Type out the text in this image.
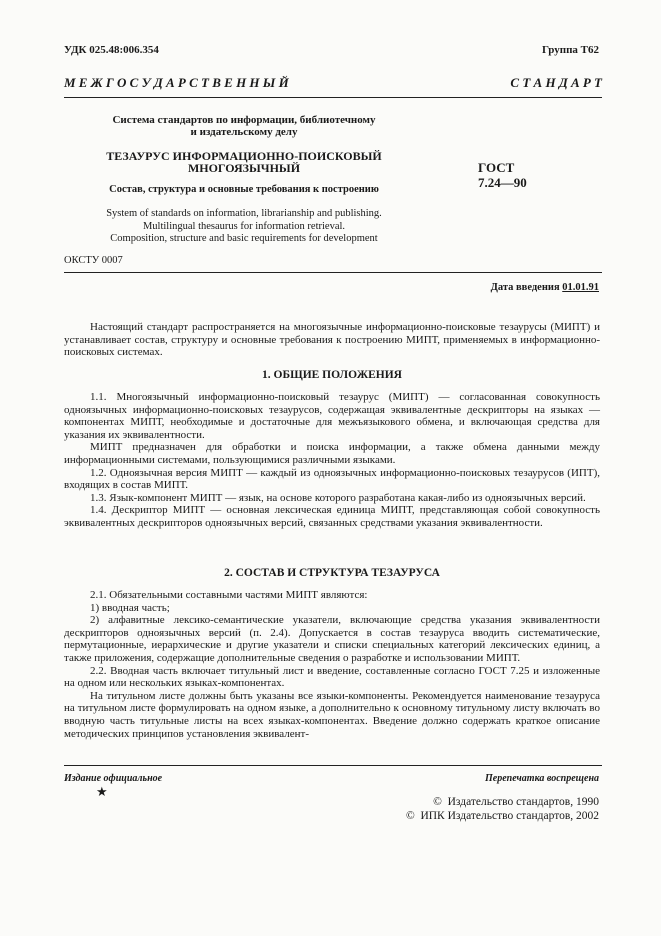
УДК 025.48:006.354	Группа Т62
М Е Ж Г О С У Д А Р С Т В Е Н Н Ы Й	С Т А Н Д А Р Т
Система стандартов по информации, библиотечному
и издательскому делу
ТЕЗАУРУС ИНФОРМАЦИОННО-ПОИСКОВЫЙ
МНОГОЯЗЫЧНЫЙ
Состав, структура и основные требования к построению
System of standards on information, librarianship and publishing.
Multilingual thesaurus for information retrieval.
Composition, structure and basic requirements for development
ГОСТ
7.24—90
ОКСТУ 0007
Дата введения 01.01.91

Настоящий стандарт распространяется на многоязычные информационно-поисковые тезаурусы (МИПТ) и устанавливает состав, структуру и основные требования к построению МИПТ, применяемых в информационно-поисковых системах.

1. ОБЩИЕ ПОЛОЖЕНИЯ

1.1. Многоязычный информационно-поисковый тезаурус (МИПТ) — согласованная совокупность одноязычных информационно-поисковых тезаурусов, содержащая эквивалентные дескрипторы на языках — компонентах МИПТ, необходимые и достаточные для межъязыкового обмена, и включающая средства для указания их эквивалентности.

МИПТ предназначен для обработки и поиска информации, а также обмена данными между информационными системами, пользующимися различными языками.

1.2. Одноязычная версия МИПТ — каждый из одноязычных информационно-поисковых тезаурусов (ИПТ), входящих в состав МИПТ.

1.3. Язык-компонент МИПТ — язык, на основе которого разработана какая-либо из одноязычных версий.

1.4. Дескриптор МИПТ — основная лексическая единица МИПТ, представляющая собой совокупность эквивалентных дескрипторов одноязычных версий, связанных средствами указания эквивалентности.

2. СОСТАВ И СТРУКТУРА ТЕЗАУРУСА

2.1. Обязательными составными частями МИПТ являются:

1) вводная часть;

2) алфавитные лексико-семантические указатели, включающие средства указания эквивалентности дескрипторов одноязычных версий (п. 2.4). Допускается в состав тезауруса вводить систематические, пермутационные, иерархические и другие указатели и списки специальных категорий лексических единиц, а также приложения, содержащие дополнительные сведения о разработке и использовании МИПТ.

2.2. Вводная часть включает титульный лист и введение, составленные согласно ГОСТ 7.25 и изложенные на одном или нескольких языках-компонентах.

На титульном листе должны быть указаны все языки-компоненты. Рекомендуется наименование тезауруса на титульном листе формулировать на одном языке, а дополнительно к основному титульному листу включать во вводную часть титульные листы на всех языках-компонентах. Введение должно содержать краткое описание методических принципов установления эквивалент-

Издание официальное	Перепечатка воспрещена
★
©  Издательство стандартов, 1990
©  ИПК Издательство стандартов, 2002
